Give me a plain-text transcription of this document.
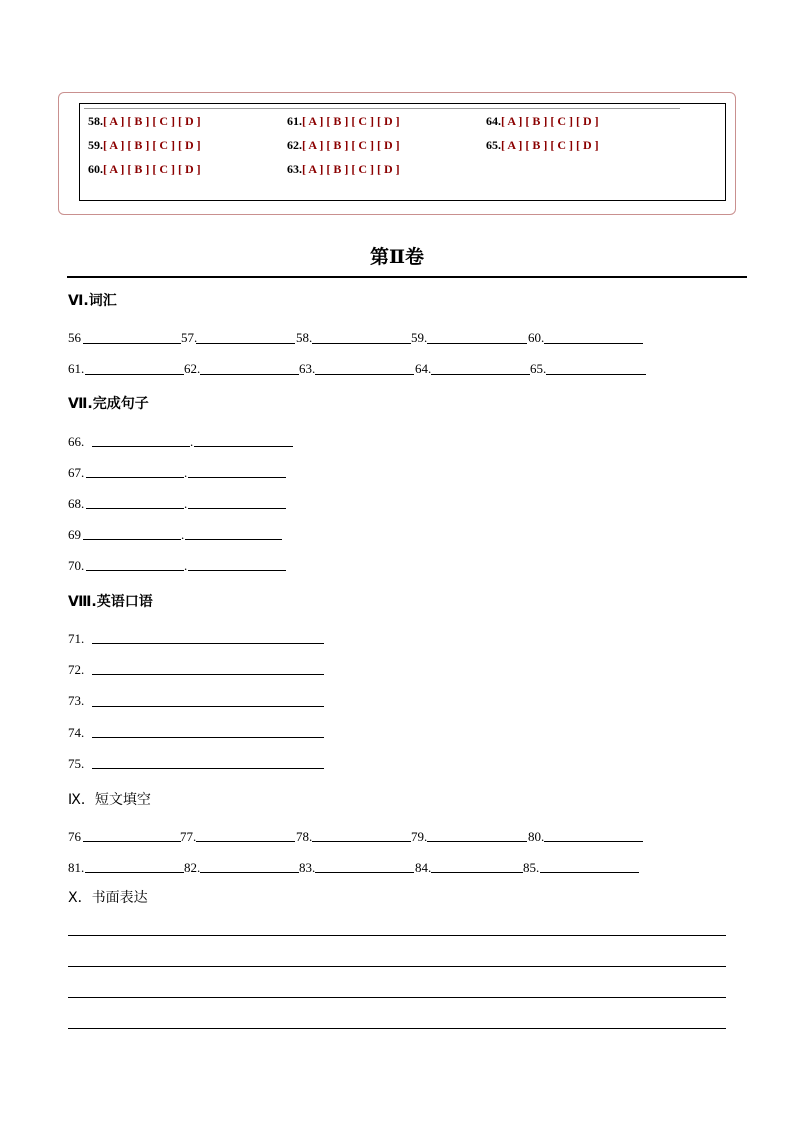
58.[ A ] [ B ] [ C ] [ D ]	61.[ A ] [ B ] [ C ] [ D ]	64.[ A ] [ B ] [ C ] [ D ]
59.[ A ] [ B ] [ C ] [ D ]	62.[ A ] [ B ] [ C ] [ D ]	65.[ A ] [ B ] [ C ] [ D ]
60.[ A ] [ B ] [ C ] [ D ]	63.[ A ] [ B ] [ C ] [ D ]
第Ⅱ卷
Ⅵ.词汇
56	57.	58.	59.	60.
61.	62.	63.	64.	65.
Ⅶ.完成句子
66.	.
67.	.
68.	.
69	.
70.	.
Ⅷ.英语口语
71.
72.
73.
74.
75.
Ⅸ．短文填空
76	77.	78.	79.	80.
81.	82.	83.	84.	85.
Ⅹ．书面表达
